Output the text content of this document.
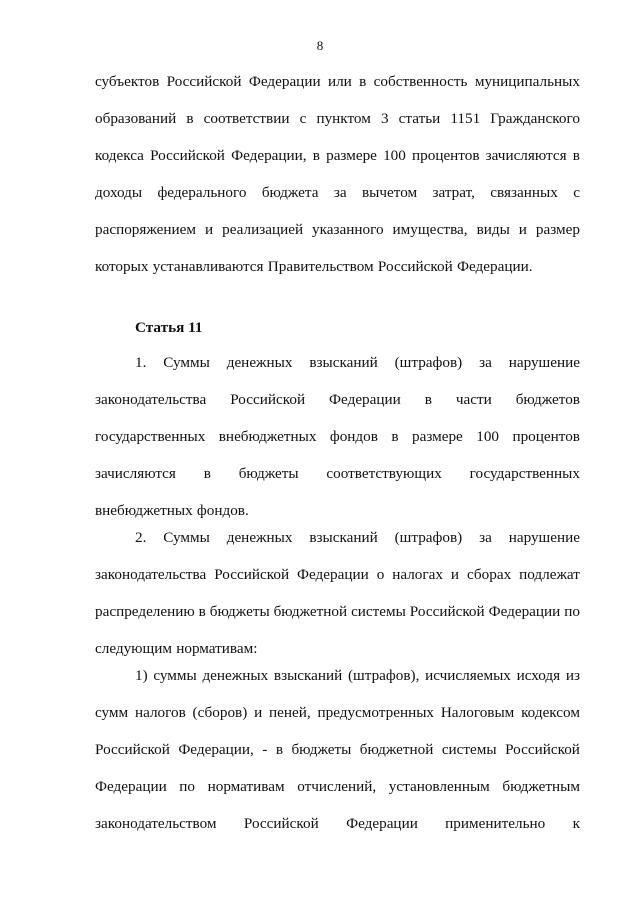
8
субъектов Российской Федерации или в собственность муниципальных
образований в соответствии с пунктом 3 статьи 1151 Гражданского
кодекса Российской Федерации, в размере 100 процентов зачисляются в
доходы федерального бюджета за вычетом затрат, связанных с
распоряжением и реализацией указанного имущества, виды и размер
которых устанавливаются Правительством Российской Федерации.
Статья 11
1. Суммы денежных взысканий (штрафов) за нарушение
законодательства Российской Федерации в части бюджетов
государственных внебюджетных фондов в размере 100 процентов
зачисляются в бюджеты соответствующих государственных
внебюджетных фондов.
2. Суммы денежных взысканий (штрафов) за нарушение
законодательства Российской Федерации о налогах и сборах подлежат
распределению в бюджеты бюджетной системы Российской Федерации по
следующим нормативам:
1) суммы денежных взысканий (штрафов), исчисляемых исходя из
сумм налогов (сборов) и пеней, предусмотренных Налоговым кодексом
Российской Федерации, - в бюджеты бюджетной системы Российской
Федерации по нормативам отчислений, установленным бюджетным
законодательством Российской Федерации применительно к
